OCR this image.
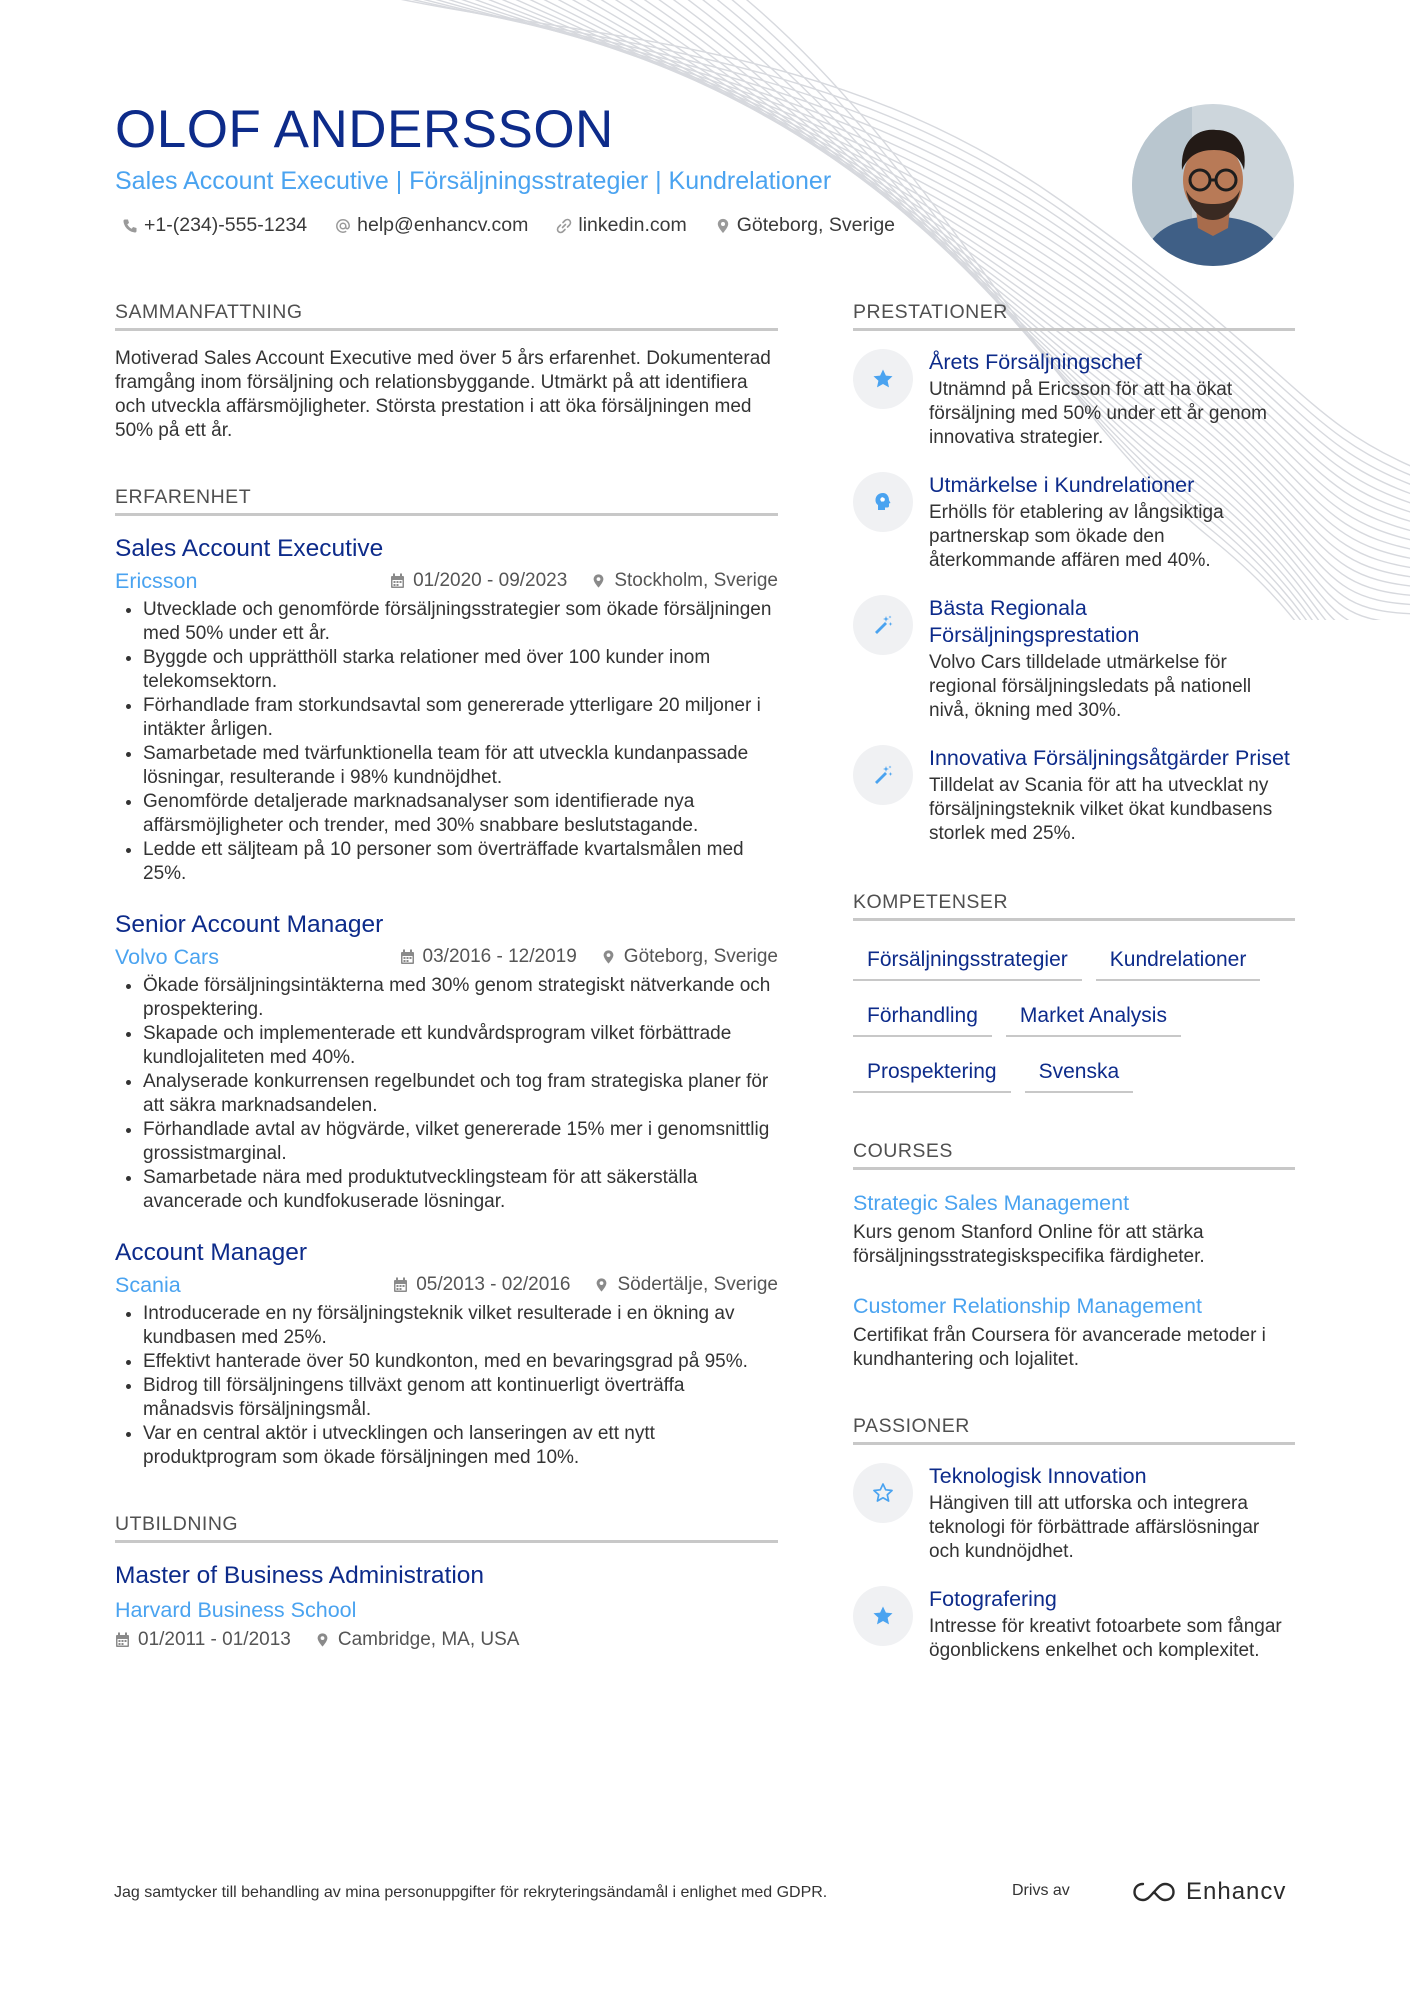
OLOF ANDERSSON
Sales Account Executive | Försäljningsstrategier | Kundrelationer
+1-(234)-555-1234	help@enhancv.com	linkedin.com	Göteborg, Sverige
SAMMANFATTNING
Motiverad Sales Account Executive med över 5 års erfarenhet. Dokumenterad framgång inom försäljning och relationsbyggande. Utmärkt på att identifiera och utveckla affärsmöjligheter. Största prestation i att öka försäljningen med 50% på ett år.
ERFARENHET
Sales Account Executive
Ericsson	01/2020 - 09/2023 Stockholm, Sverige
• Utvecklade och genomförde försäljningsstrategier som ökade försäljningen med 50% under ett år.
• Byggde och upprätthöll starka relationer med över 100 kunder inom telekomsektorn.
• Förhandlade fram storkundsavtal som genererade ytterligare 20 miljoner i intäkter årligen.
• Samarbetade med tvärfunktionella team för att utveckla kundanpassade lösningar, resulterande i 98% kundnöjdhet.
• Genomförde detaljerade marknadsanalyser som identifierade nya affärsmöjligheter och trender, med 30% snabbare beslutstagande.
• Ledde ett säljteam på 10 personer som överträffade kvartalsmålen med 25%.
Senior Account Manager
Volvo Cars	03/2016 - 12/2019 Göteborg, Sverige
• Ökade försäljningsintäkterna med 30% genom strategiskt nätverkande och prospektering.
• Skapade och implementerade ett kundvårdsprogram vilket förbättrade kundlojaliteten med 40%.
• Analyserade konkurrensen regelbundet och tog fram strategiska planer för att säkra marknadsandelen.
• Förhandlade avtal av högvärde, vilket genererade 15% mer i genomsnittlig grossistmarginal.
• Samarbetade nära med produktutvecklingsteam för att säkerställa avancerade och kundfokuserade lösningar.
Account Manager
Scania	05/2013 - 02/2016 Södertälje, Sverige
• Introducerade en ny försäljningsteknik vilket resulterade i en ökning av kundbasen med 25%.
• Effektivt hanterade över 50 kundkonton, med en bevaringsgrad på 95%.
• Bidrog till försäljningens tillväxt genom att kontinuerligt överträffa månadsvis försäljningsmål.
• Var en central aktör i utvecklingen och lanseringen av ett nytt produktprogram som ökade försäljningen med 10%.
UTBILDNING
Master of Business Administration
Harvard Business School
01/2011 - 01/2013 Cambridge, MA, USA
PRESTATIONER
Årets Försäljningschef
Utnämnd på Ericsson för att ha ökat försäljning med 50% under ett år genom innovativa strategier.
Utmärkelse i Kundrelationer
Erhölls för etablering av långsiktiga partnerskap som ökade den återkommande affären med 40%.
Bästa Regionala Försäljningsprestation
Volvo Cars tilldelade utmärkelse för regional försäljningsledats på nationell nivå, ökning med 30%.
Innovativa Försäljningsåtgärder Priset
Tilldelat av Scania för att ha utvecklat ny försäljningsteknik vilket ökat kundbasens storlek med 25%.
KOMPETENSER
Försäljningsstrategier	Kundrelationer
Förhandling	Market Analysis
Prospektering	Svenska
COURSES
Strategic Sales Management
Kurs genom Stanford Online för att stärka försäljningsstrategiskspecifika färdigheter.
Customer Relationship Management
Certifikat från Coursera för avancerade metoder i kundhantering och lojalitet.
PASSIONER
Teknologisk Innovation
Hängiven till att utforska och integrera teknologi för förbättrade affärslösningar och kundnöjdhet.
Fotografering
Intresse för kreativt fotoarbete som fångar ögonblickens enkelhet och komplexitet.
Jag samtycker till behandling av mina personuppgifter för rekryteringsändamål i enlighet med GDPR.	Drivs av	Enhancv
